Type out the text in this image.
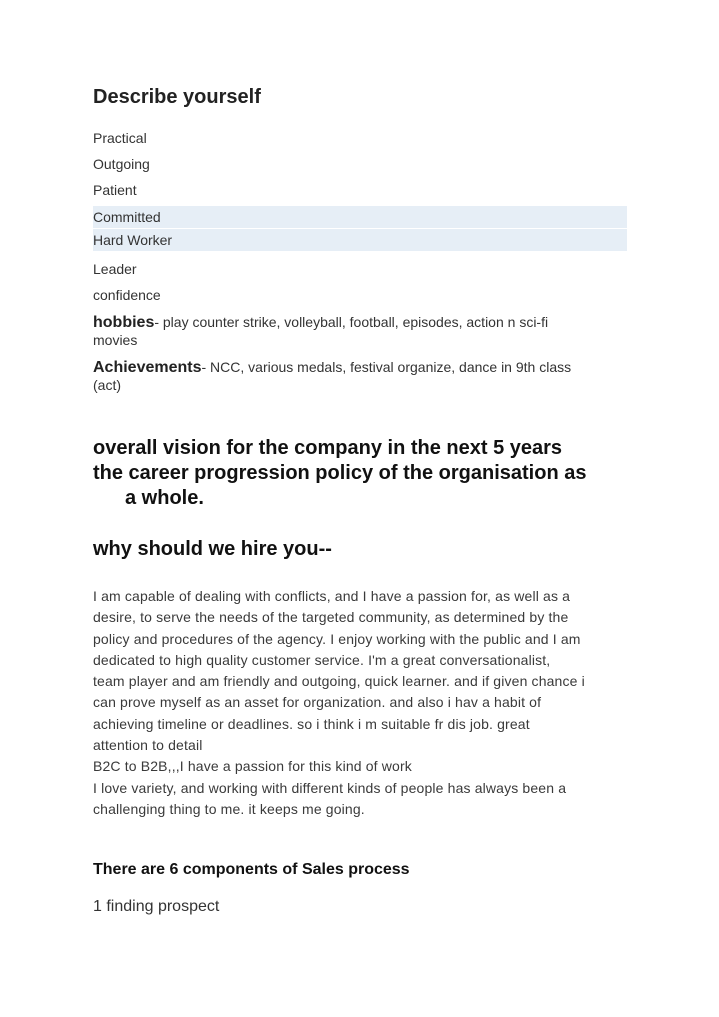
Describe yourself
Practical
Outgoing
Patient
Committed
Hard Worker
Leader
confidence
hobbies- play counter strike, volleyball, football, episodes, action n sci-fi
movies
Achievements- NCC, various medals, festival organize, dance in 9th class
(act)
overall vision for the company in the next 5 years
the career progression policy of the organisation as
a whole.
why should we hire you--
I am capable of dealing with conflicts, and I have a passion for, as well as a
desire, to serve the needs of the targeted community, as determined by the
policy and procedures of the agency. I enjoy working with the public and I am
dedicated to high quality customer service. I'm a great conversationalist,
team player and am friendly and outgoing, quick learner. and if given chance i
can prove myself as an asset for organization. and also i hav a habit of
achieving timeline or deadlines. so i think i m suitable fr dis job. great
attention to detail
B2C to B2B,,,I have a passion for this kind of work
I love variety, and working with different kinds of people has always been a
challenging thing to me. it keeps me going.
There are 6 components of Sales process
1 finding prospect
